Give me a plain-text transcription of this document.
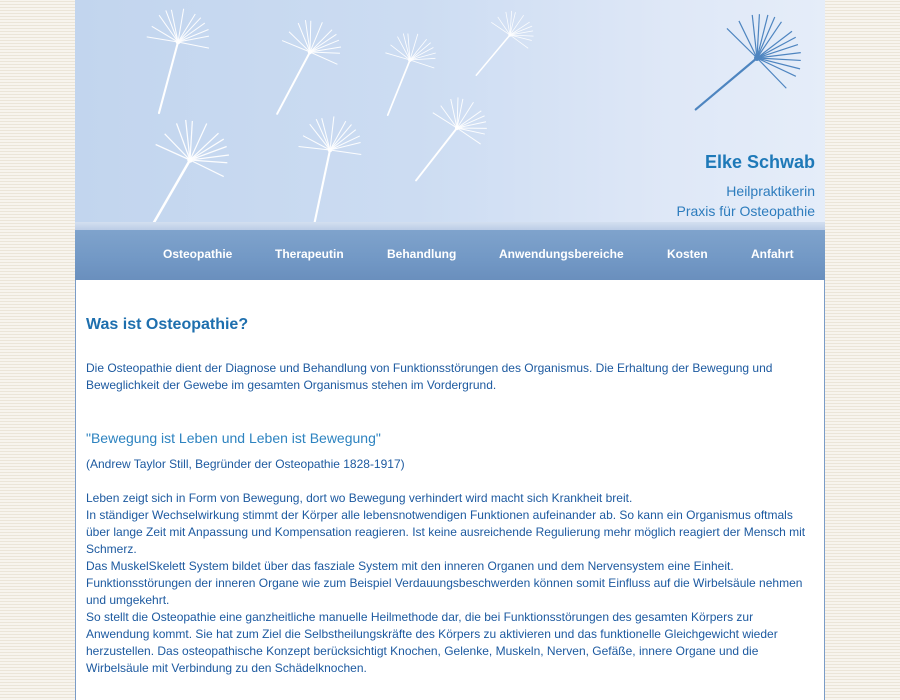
Elke Schwab
Heilpraktikerin
Praxis für Osteopathie
Osteopathie	Therapeutin	Behandlung	Anwendungsbereiche	Kosten	Anfahrt
Was ist Osteopathie?
Die Osteopathie dient der Diagnose und Behandlung von Funktionsstörungen des Organismus. Die Erhaltung der Bewegung und Beweglichkeit der Gewebe im gesamten Organismus stehen im Vordergrund.
"Bewegung ist Leben und Leben ist Bewegung"
(Andrew Taylor Still, Begründer der Osteopathie 1828-1917)

Leben zeigt sich in Form von Bewegung, dort wo Bewegung verhindert wird macht sich Krankheit breit.

In ständiger Wechselwirkung stimmt der Körper alle lebensnotwendigen Funktionen aufeinander ab. So kann ein Organismus oftmals über lange Zeit mit Anpassung und Kompensation reagieren. Ist keine ausreichende Regulierung mehr möglich reagiert der Mensch mit Schmerz.

Das MuskelSkelett System bildet über das fasziale System mit den inneren Organen und dem Nervensystem eine Einheit. Funktionsstörungen der inneren Organe wie zum Beispiel Verdauungsbeschwerden können somit Einfluss auf die Wirbelsäule nehmen und umgekehrt.

So stellt die Osteopathie eine ganzheitliche manuelle Heilmethode dar, die bei Funktionsstörungen des gesamten Körpers zur Anwendung kommt. Sie hat zum Ziel die Selbstheilungskräfte des Körpers zu aktivieren und das funktionelle Gleichgewicht wieder herzustellen. Das osteopathische Konzept berücksichtigt Knochen, Gelenke, Muskeln, Nerven, Gefäße, innere Organe und die Wirbelsäule mit Verbindung zu den Schädelknochen.
